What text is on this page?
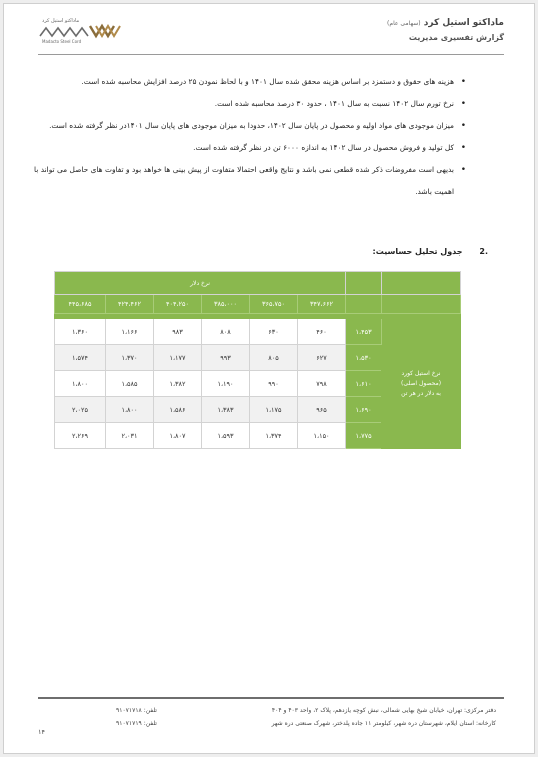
ماداکتو استیل کرد
Madacto Steel Cord
ماداکتو استیل کرد (سهامی عام)
گزارش تفسیری مدیریت
•
هزینه های حقوق و دستمزد بر اساس هزینه محقق شده سال ۱۴۰۱ و با لحاظ نمودن ۲۵ درصد افزایش محاسبه شده است.
•
نرخ تورم سال ۱۴۰۲ نسبت به سال ۱۴۰۱ ، حدود ۳۰ درصد محاسبه شده است.
•
میزان موجودی های مواد اولیه و محصول در پایان سال ۱۴۰۲، حدودا به میزان موجودی های پایان سال ۱۴۰۱در نظر گرفته شده است.
•
کل تولید و فروش محصول در سال ۱۴۰۲ به اندازه ۶۰۰۰ تن در نظر گرفته شده است.
•
بدیهی است مفروضات ذکر شده قطعی نمی باشد و نتایج واقعی احتمالا متفاوت از پیش بینی ها خواهد بود و تفاوت های حاصل می تواند با اهمیت باشد.
.2 جدول تحلیل حساسیت:
نرخ دلار							
۴۴۵،۶۸۵	۴۲۴،۴۶۲	۴۰۴،۲۵۰	۳۸۵،۰۰۰	۳۶۵،۷۵۰	۳۴۷،۶۶۲		

۱،۳۶۰	۱،۱۶۶	۹۸۳	۸۰۸	۶۳۰	۴۶۰	۱،۴۵۳	نرخ استیل کورد
(محصول اصلی)
به دلار در هر تن
۱،۵۷۴	۱،۳۷۰	۱،۱۷۷	۹۹۳	۸۰۵	۶۲۷	۱،۵۳۰	
۱،۸۰۰	۱،۵۸۵	۱،۳۸۲	۱،۱۹۰	۹۹۰	۷۹۸	۱،۶۱۰	
۲،۰۲۵	۱،۸۰۰	۱،۵۸۶	۱،۳۸۳	۱،۱۷۵	۹۶۵	۱،۶۹۰	
۲،۲۶۹	۲،۰۳۱	۱،۸۰۷	۱،۵۹۳	۱،۳۷۴	۱،۱۵۰	۱،۷۷۵	
دفتر مرکزی: تهران، خیابان شیخ بهایی شمالی، نبش کوچه یازدهم، پلاک ۲، واحد ۴۰۳ و ۴۰۴
تلفن: ۹۱۰۷۱۷۱۸
کارخانه: استان ایلام، شهرستان دره شهر، کیلومتر ۱۱ جاده پلدختر، شهرک صنعتی دره شهر
تلفن: ۹۱۰۷۱۷۱۹
۱۴
